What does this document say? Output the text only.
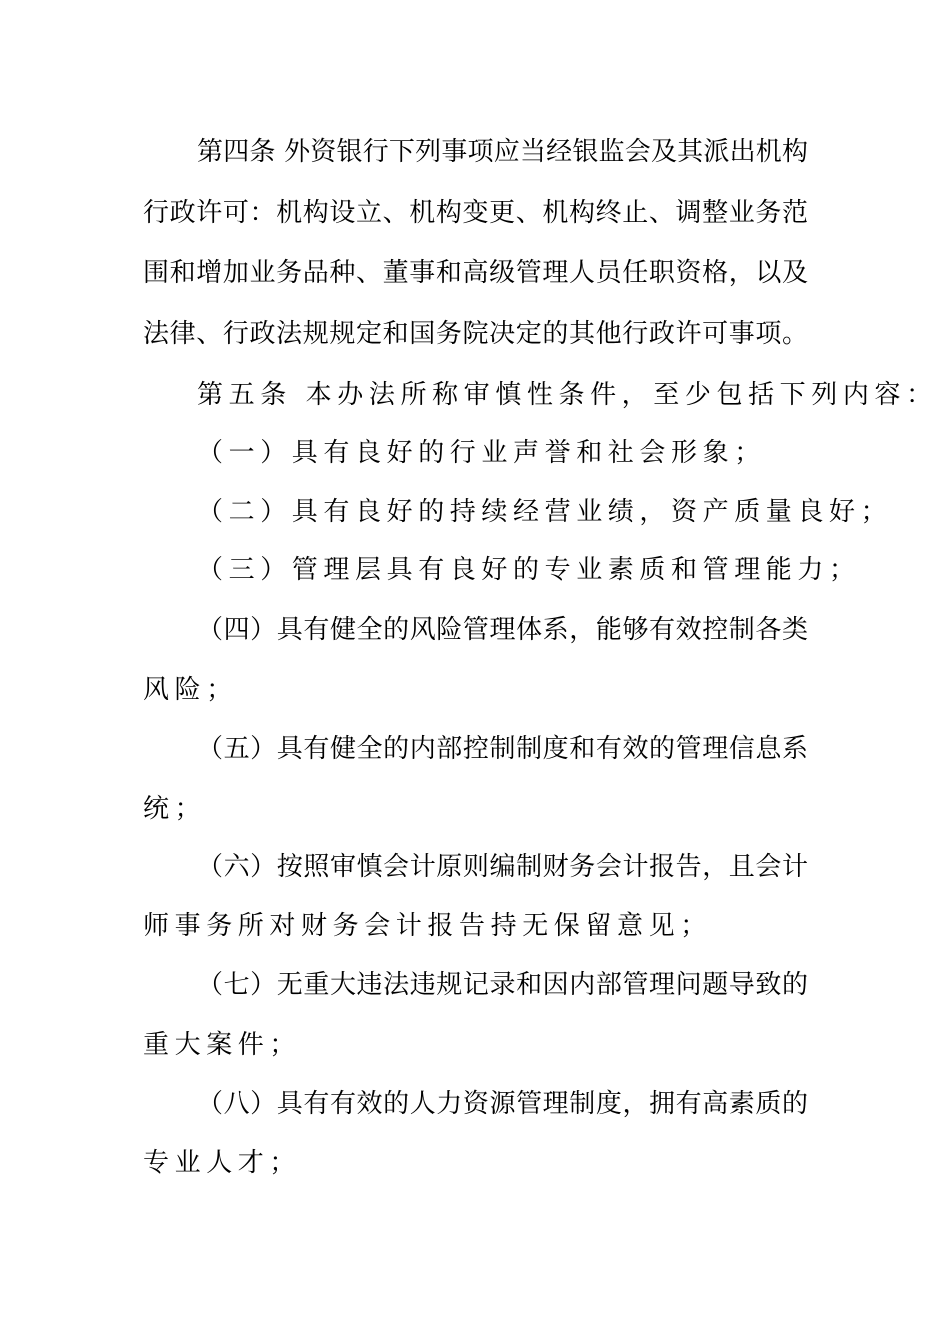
第四条 外资银行下列事项应当经银监会及其派出机构
行政许可：机构设立、机构变更、机构终止、调整业务范
围和增加业务品种、董事和高级管理人员任职资格，以及
法律、行政法规规定和国务院决定的其他行政许可事项。
第五条 本办法所称审慎性条件，至少包括下列内容：
（一）具有良好的行业声誉和社会形象；
（二）具有良好的持续经营业绩，资产质量良好；
（三）管理层具有良好的专业素质和管理能力；
（四）具有健全的风险管理体系，能够有效控制各类
风险；
（五）具有健全的内部控制制度和有效的管理信息系
统；
（六）按照审慎会计原则编制财务会计报告，且会计
师事务所对财务会计报告持无保留意见；
（七）无重大违法违规记录和因内部管理问题导致的
重大案件；
（八）具有有效的人力资源管理制度，拥有高素质的
专业人才；
